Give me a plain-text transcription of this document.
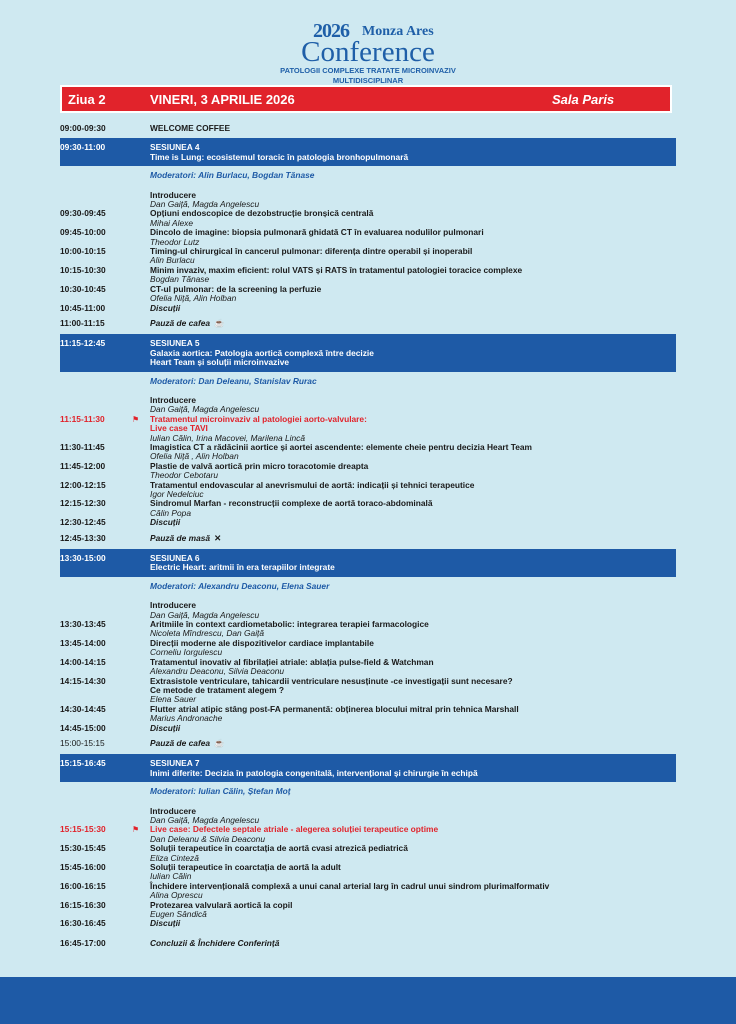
2026 Monza Ares
Conference
PATOLOGII COMPLEXE TRATATE MICROINVAZIV
MULTIDISCIPLINAR
Ziua 2	VINERI, 3 APRILIE 2026	Sala Paris
09:00-09:30	WELCOME COFFEE
09:30-11:00	SESIUNEA 4
Time is Lung: ecosistemul toracic în patologia bronhopulmonară
Moderatori: Alin Burlacu, Bogdan Tănase
Introducere
Dan Gaiță, Magda Angelescu
09:30-09:45	Opțiuni endoscopice de dezobstrucție bronșică centrală
Mihai Alexe
09:45-10:00	Dincolo de imagine: biopsia pulmonară ghidată CT în evaluarea nodulilor pulmonari
Theodor Lutz
10:00-10:15	Timing-ul chirurgical în cancerul pulmonar: diferența dintre operabil și inoperabil
Alin Burlacu
10:15-10:30	Minim invaziv, maxim eficient: rolul VATS și RATS în tratamentul patologiei toracice complexe
Bogdan Tănase
10:30-10:45	CT-ul pulmonar: de la screening la perfuzie
Ofelia Niță, Alin Holban
10:45-11:00	Discuții
11:00-11:15	Pauză de cafea ☕
11:15-12:45	SESIUNEA 5
Galaxia aortica: Patologia aortică complexă între decizie
Heart Team și soluții microinvazive
Moderatori: Dan Deleanu, Stanislav Rurac
Introducere
Dan Gaiță, Magda Angelescu
11:15-11:30	Tratamentul microinvaziv al patologiei aorto-valvulare:
⚑
Live case TAVI
Iulian Călin, Irina Macovei, Marilena Lincă
11:30-11:45	Imagistica CT a rădăcinii aortice și aortei ascendente: elemente cheie pentru decizia Heart Team
Ofelia Niță , Alin Holban
11:45-12:00	Plastie de valvă aortică prin micro toracotomie dreapta
Theodor Cebotaru
12:00-12:15	Tratamentul endovascular al anevrismului de aortă: indicații și tehnici terapeutice
Igor Nedelciuc
12:15-12:30	Sindromul Marfan - reconstrucții complexe de aortă toraco-abdominală
Călin Popa
12:30-12:45	Discuții
12:45-13:30	Pauză de masă ✕
13:30-15:00	SESIUNEA 6
Electric Heart: aritmii în era terapiilor integrate
Moderatori: Alexandru Deaconu, Elena Sauer
Introducere
Dan Gaiță, Magda Angelescu
13:30-13:45	Aritmiile în context cardiometabolic: integrarea terapiei farmacologice
Nicoleta Mîndrescu, Dan Gaiță
13:45-14:00	Direcții moderne ale dispozitivelor cardiace implantabile
Corneliu Iorgulescu
14:00-14:15	Tratamentul inovativ al fibrilației atriale: ablația pulse-field & Watchman
Alexandru Deaconu, Silvia Deaconu
14:15-14:30	Extrasistole ventriculare, tahicardii ventriculare nesusținute -ce investigații sunt necesare?
Ce metode de tratament alegem ?
Elena Sauer
14:30-14:45	Flutter atrial atipic stâng post-FA permanentă: obținerea blocului mitral prin tehnica Marshall
Marius Andronache
14:45-15:00	Discuții
15:00-15:15	Pauză de cafea ☕
15:15-16:45	SESIUNEA 7
Inimi diferite: Decizia în patologia congenitală, intervențional și chirurgie în echipă
Moderatori: Iulian Călin, Ștefan Moț
Introducere
Dan Gaiță, Magda Angelescu
15:15-15:30	Live case: Defectele septale atriale - alegerea soluției terapeutice optime
⚑
Dan Deleanu & Silvia Deaconu
15:30-15:45	Soluții terapeutice în coarctația de aortă cvasi atrezică pediatrică
Eliza Cinteză
15:45-16:00	Soluții terapeutice în coarctația de aortă la adult
Iulian Călin
16:00-16:15	Închidere intervențională complexă a unui canal arterial larg în cadrul unui sindrom plurimalformativ
Alina Oprescu
16:15-16:30	Protezarea valvulară aortică la copil
Eugen Sândică
16:30-16:45	Discuții
16:45-17:00	Concluzii & Închidere Conferință
